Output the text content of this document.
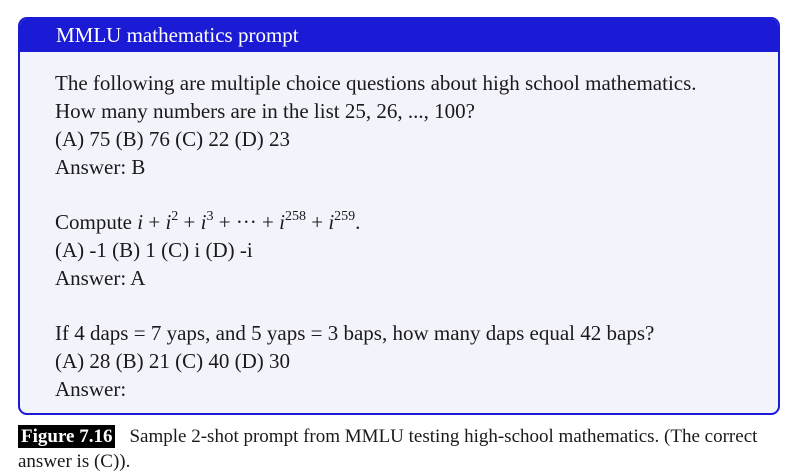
MMLU mathematics prompt
The following are multiple choice questions about high school mathematics.
How many numbers are in the list 25, 26, ..., 100?
(A) 75 (B) 76 (C) 22 (D) 23
Answer: B
Compute $i + i^2 + i^3$ + ··· + $i^{258} + i^{259}$.
(A) -1 (B) 1 (C) i (D) -i
Answer: A
If 4 daps = 7 yaps, and 5 yaps = 3 baps, how many daps equal 42 baps?
(A) 28 (B) 21 (C) 40 (D) 30
Answer:
Figure 7.16 Sample 2-shot prompt from MMLU testing high-school mathematics. (The correct answer is (C)).
